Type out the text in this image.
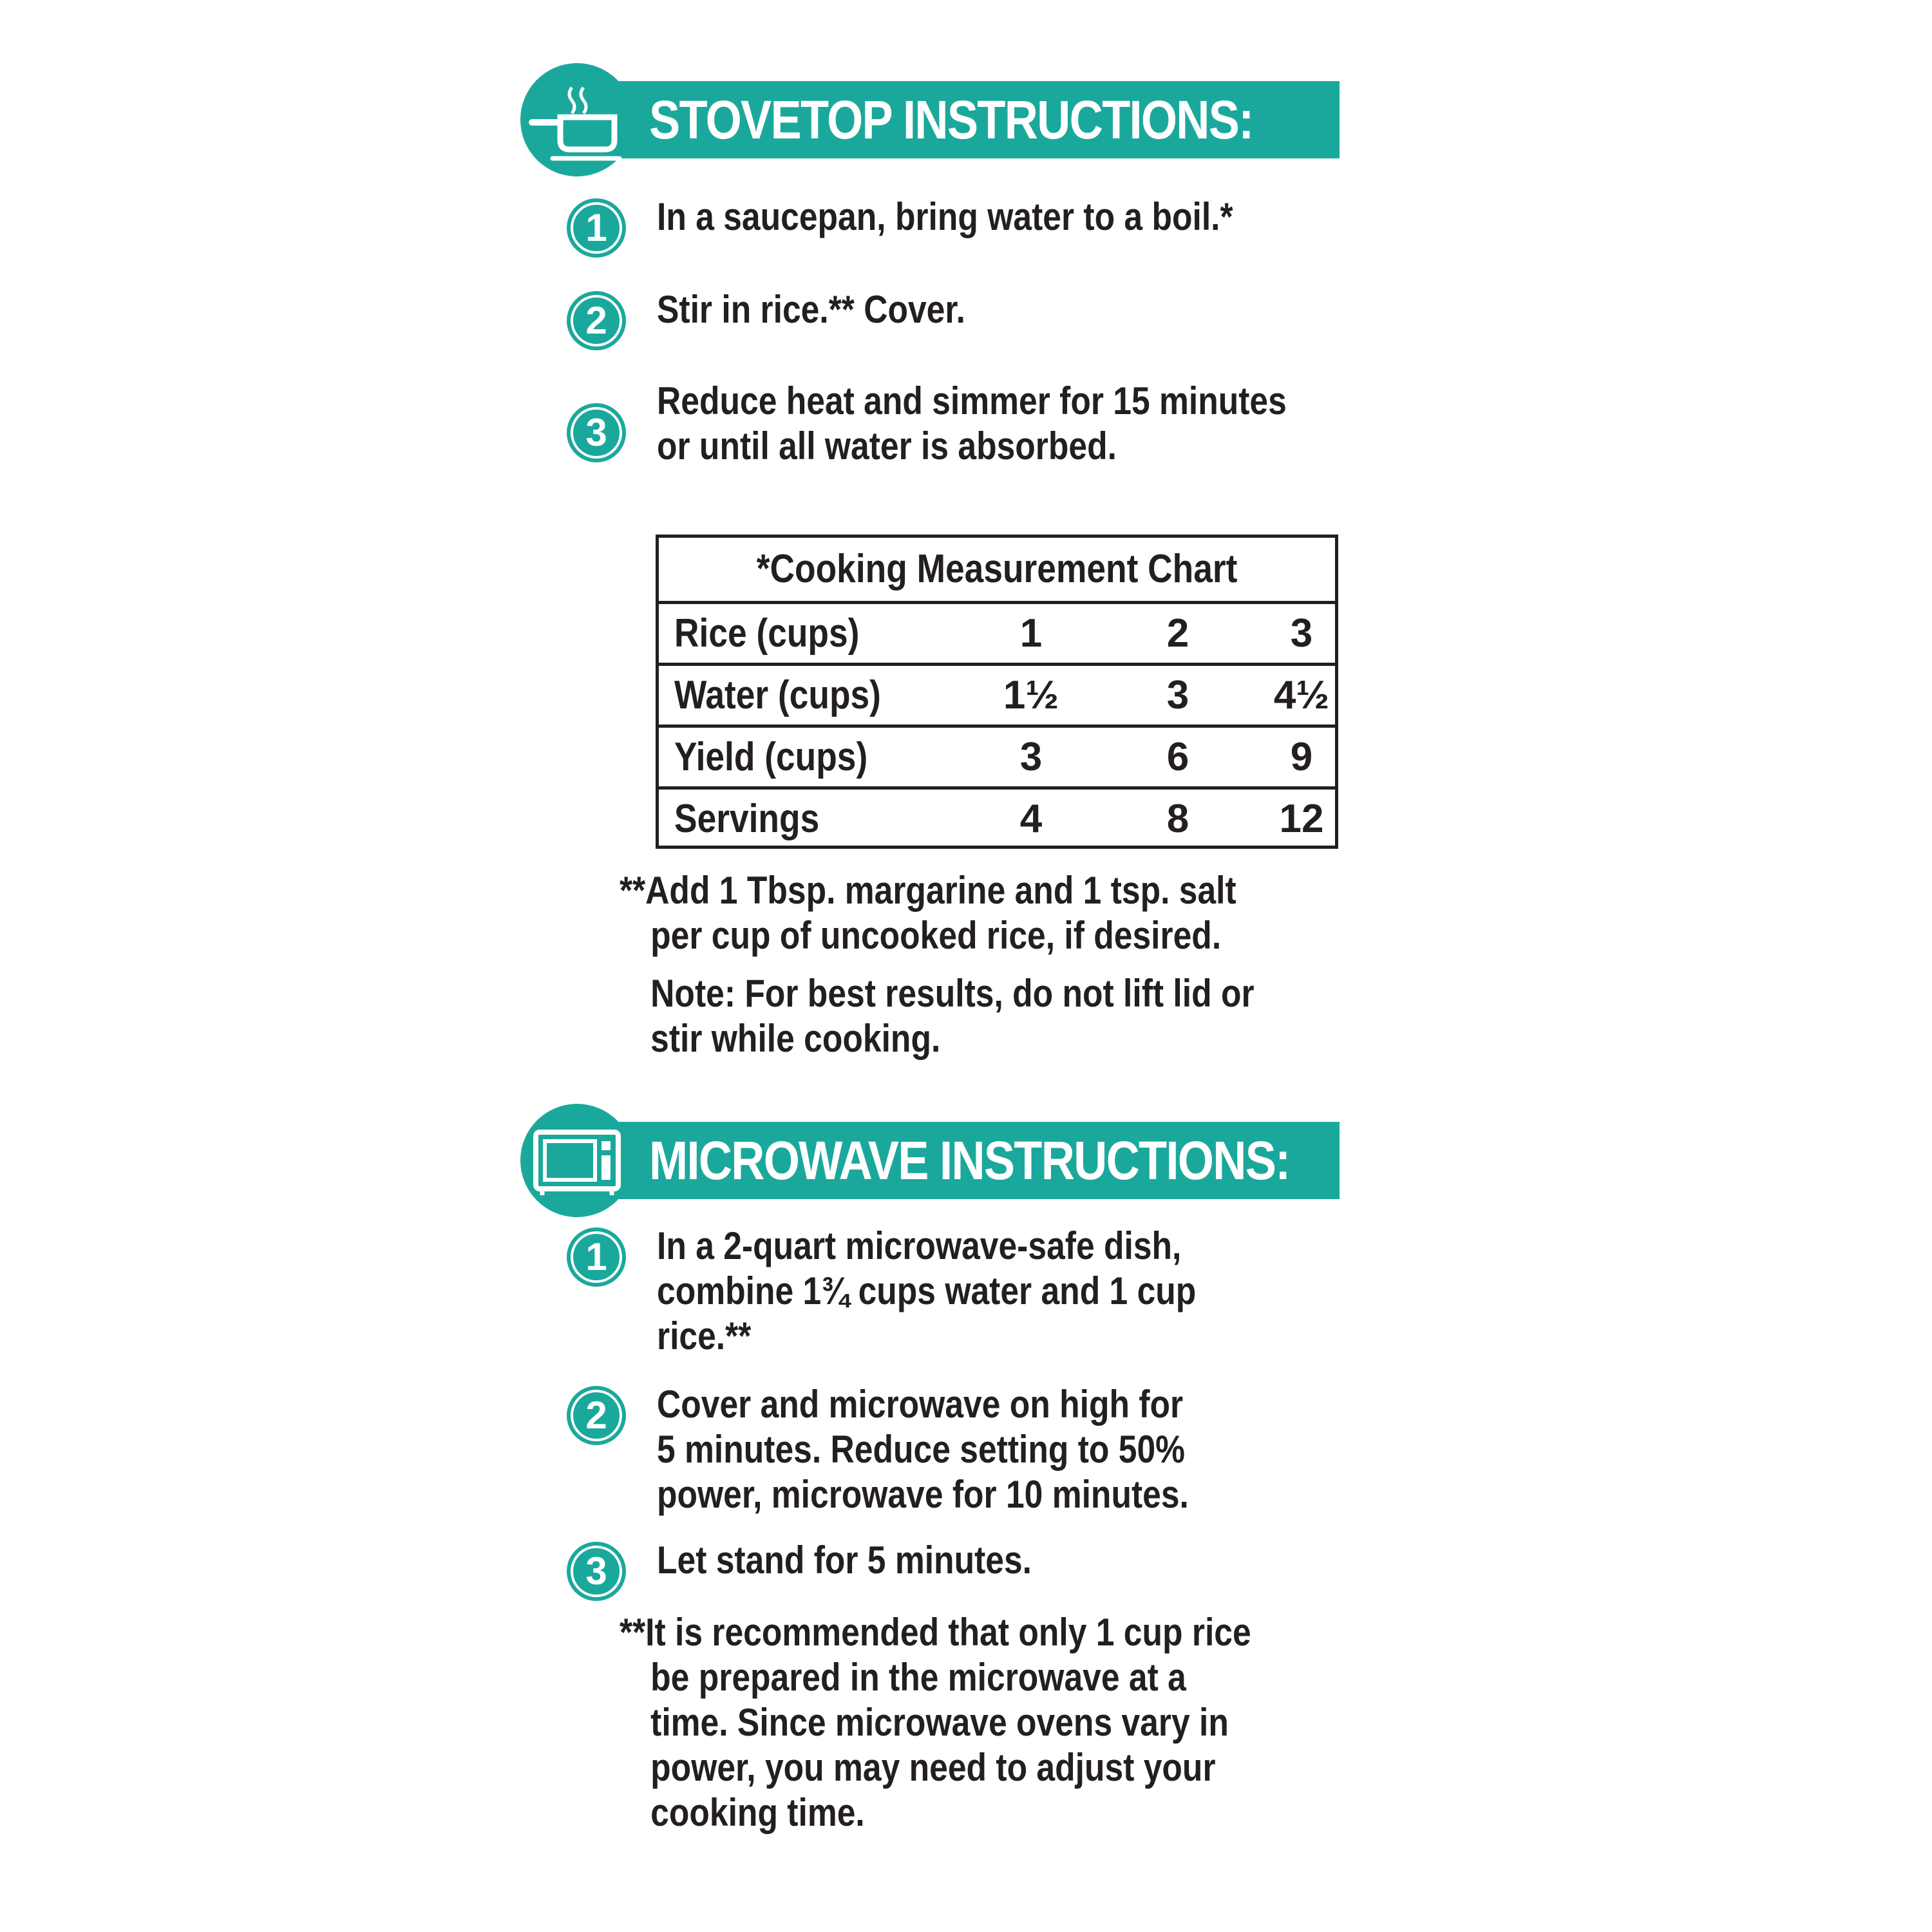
STOVETOP INSTRUCTIONS:
1	In a saucepan, bring water to a boil.*
2	Stir in rice.** Cover.
3
Reduce heat and simmer for 15 minutes
or until all water is absorbed.
*Cooking Measurement Chart
Rice (cups)	1	2	3
Water (cups)	1½	3	4½
Yield (cups)	3	6	9
Servings	4	8	12
**Add 1 Tbsp. margarine and 1 tsp. salt
per cup of uncooked rice, if desired.
Note: For best results, do not lift lid or
stir while cooking.
MICROWAVE INSTRUCTIONS:
1	In a 2-quart microwave-safe dish,
combine 1¾ cups water and 1 cup
rice.**
2	Cover and microwave on high for
5 minutes. Reduce setting to 50%
power, microwave for 10 minutes.
3	Let stand for 5 minutes.
**It is recommended that only 1 cup rice
be prepared in the microwave at a
time. Since microwave ovens vary in
power, you may need to adjust your
cooking time.
